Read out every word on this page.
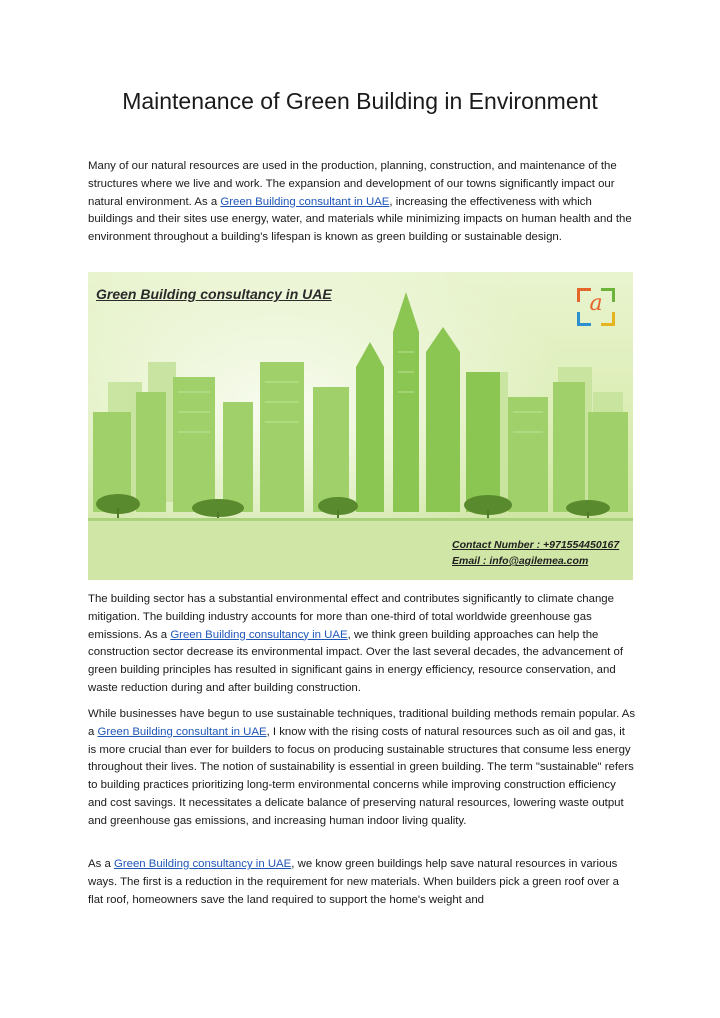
Maintenance of Green Building in Environment

Many of our natural resources are used in the production, planning, construction, and maintenance of the structures where we live and work. The expansion and development of our towns significantly impact our natural environment. As a Green Building consultant in UAE, increasing the effectiveness with which buildings and their sites use energy, water, and materials while minimizing impacts on human health and the environment throughout a building's lifespan is known as green building or sustainable design.

Green Building consultancy in UAE	a
Contact Number : +971554450167
Email : info@agilemea.com

The building sector has a substantial environmental effect and contributes significantly to climate change mitigation. The building industry accounts for more than one-third of total worldwide greenhouse gas emissions. As a Green Building consultancy in UAE, we think green building approaches can help the construction sector decrease its environmental impact. Over the last several decades, the advancement of green building principles has resulted in significant gains in energy efficiency, resource conservation, and waste reduction during and after building construction.

While businesses have begun to use sustainable techniques, traditional building methods remain popular. As a Green Building consultant in UAE, I know with the rising costs of natural resources such as oil and gas, it is more crucial than ever for builders to focus on producing sustainable structures that consume less energy throughout their lives. The notion of sustainability is essential in green building. The term "sustainable" refers to building practices prioritizing long-term environmental concerns while improving construction efficiency and cost savings. It necessitates a delicate balance of preserving natural resources, lowering waste output and greenhouse gas emissions, and increasing human indoor living quality.

As a Green Building consultancy in UAE, we know green buildings help save natural resources in various ways. The first is a reduction in the requirement for new materials. When builders pick a green roof over a flat roof, homeowners save the land required to support the home's weight and
